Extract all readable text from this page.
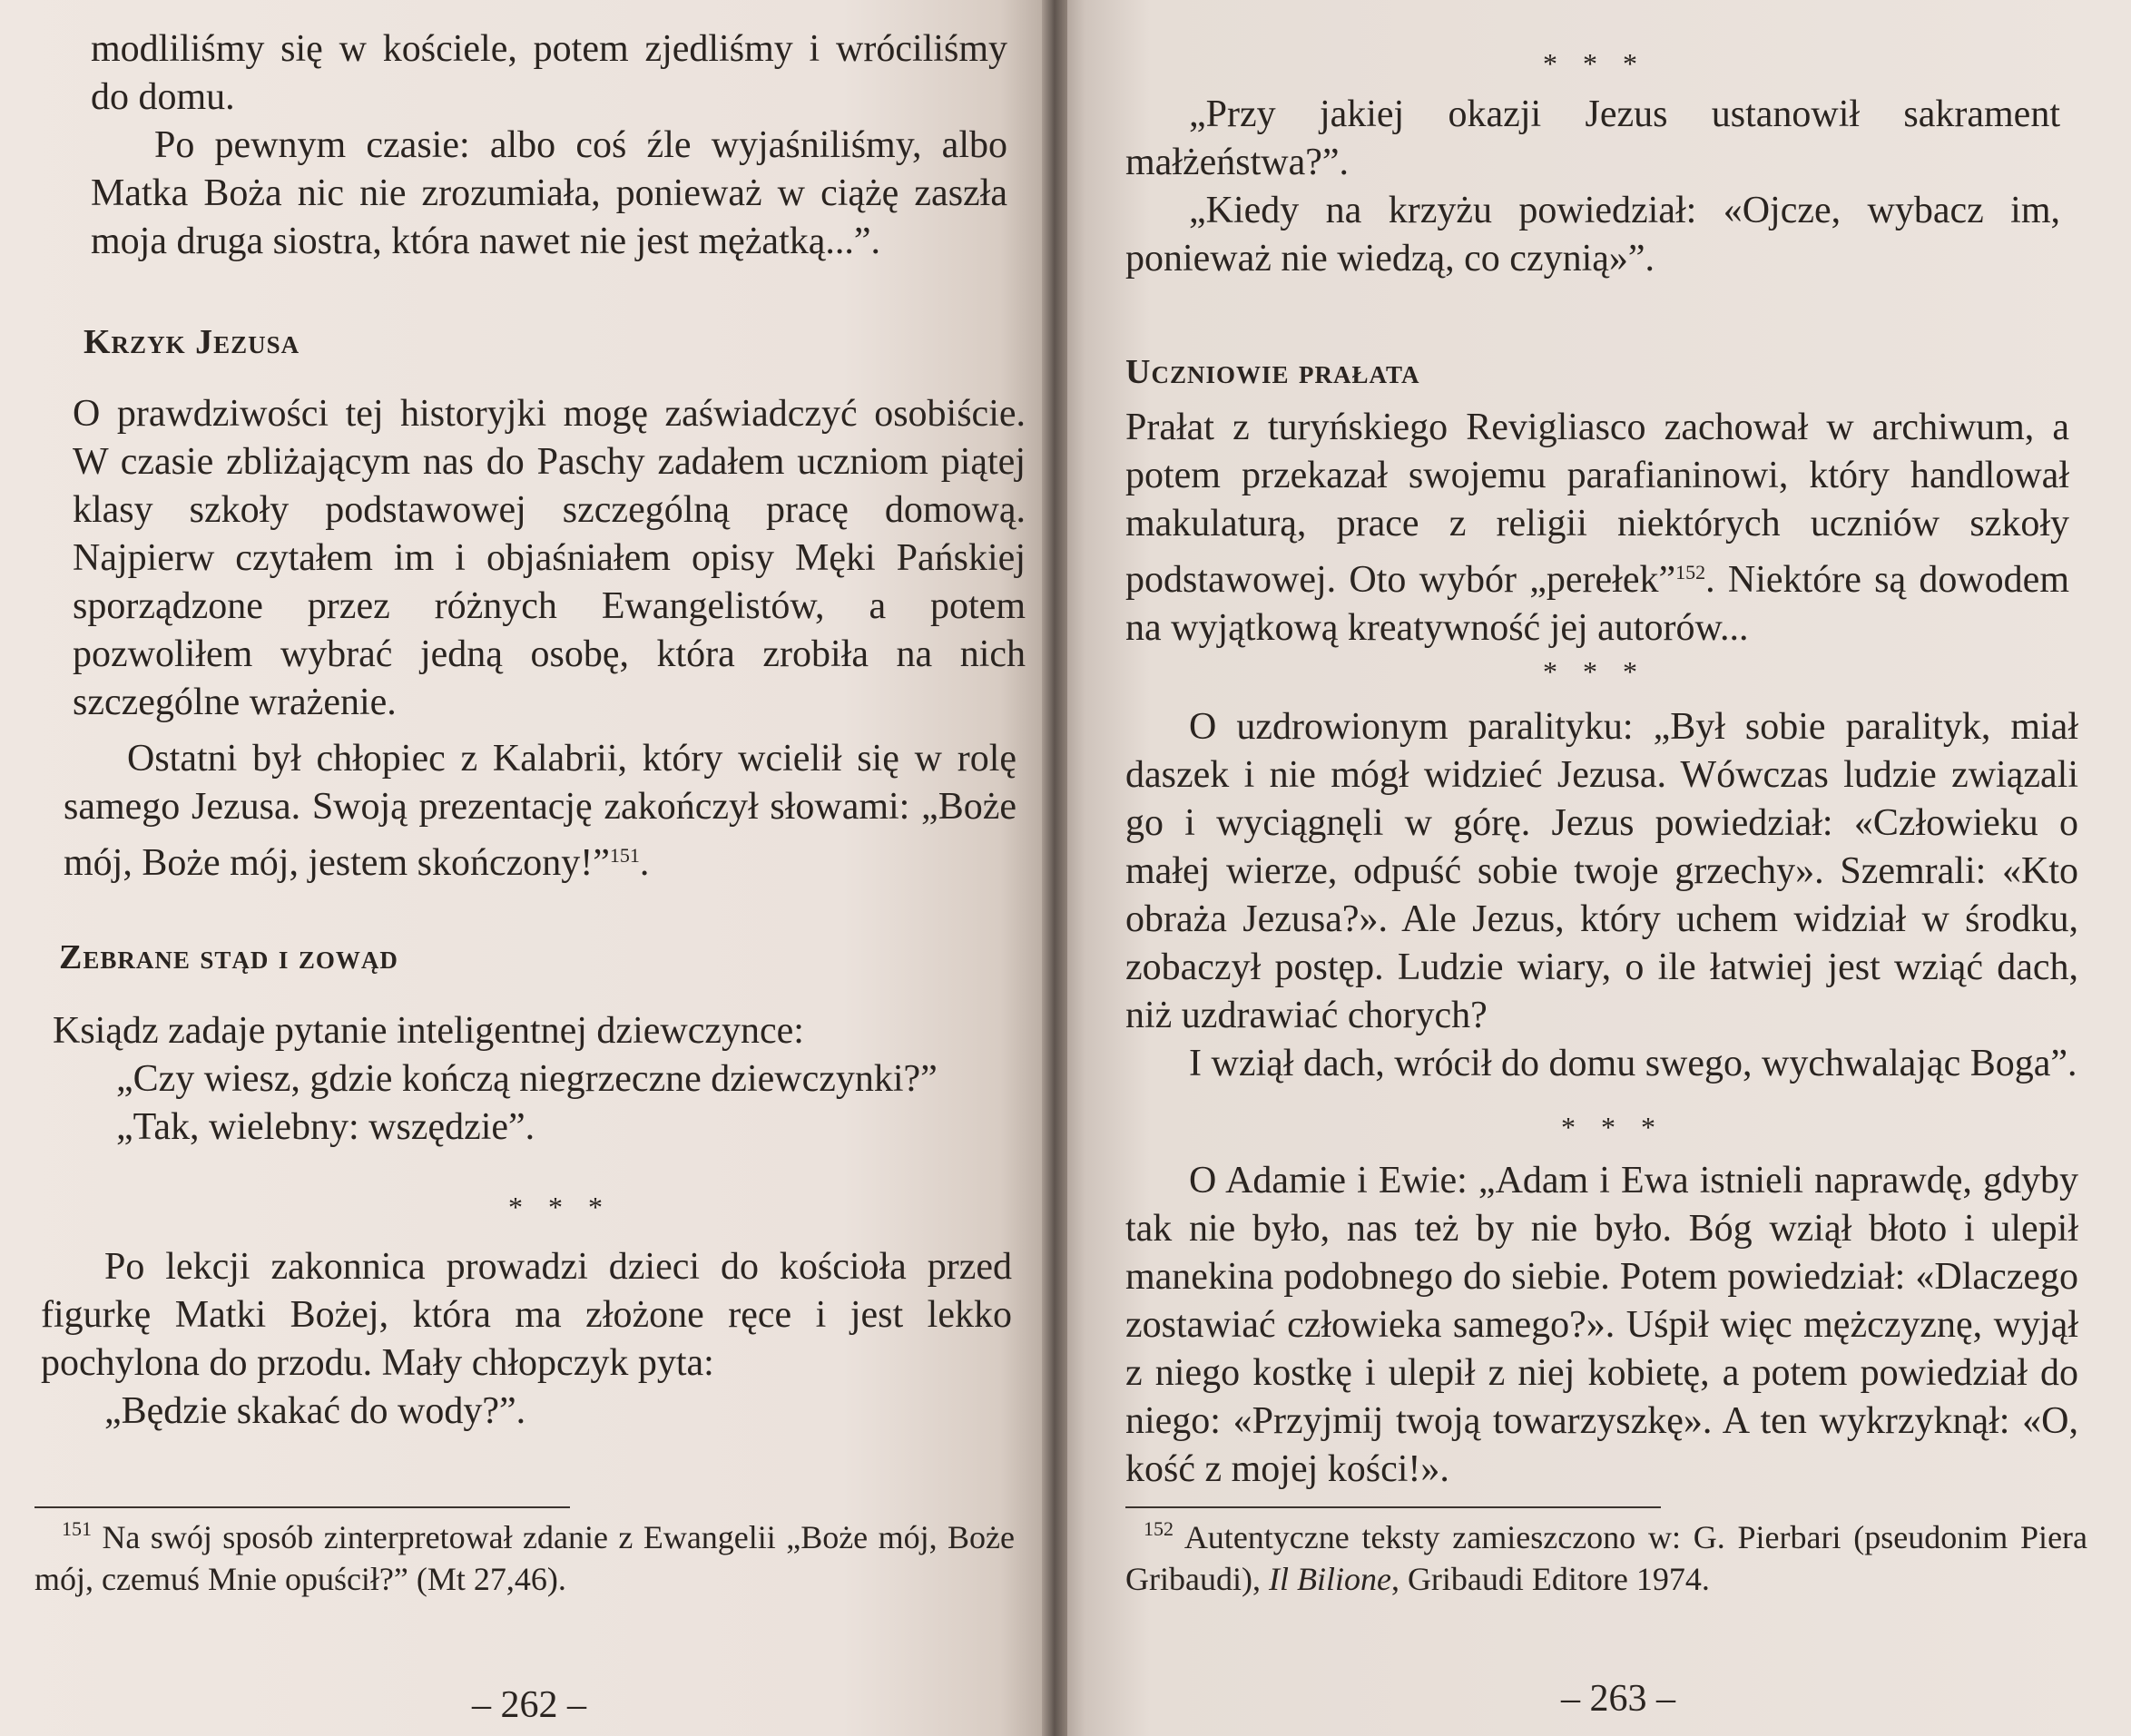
modliliśmy się w kościele, potem zjedliśmy i wróciliśmy do domu.

Po pewnym czasie: albo coś źle wyjaśniliśmy, albo Matka Boża nic nie zrozumiała, ponieważ w ciążę zaszła moja druga siostra, która nawet nie jest mężatką...”.

Krzyk Jezusa

O prawdziwości tej historyjki mogę zaświadczyć osobiście. W czasie zbliżającym nas do Paschy zadałem uczniom piątej klasy szkoły podstawowej szczególną pracę domową. Najpierw czytałem im i objaśniałem opisy Męki Pańskiej sporządzone przez różnych Ewangelistów, a potem pozwoliłem wybrać jedną osobę, która zrobiła na nich szczególne wrażenie.

Ostatni był chłopiec z Kalabrii, który wcielił się w rolę samego Jezusa. Swoją prezentację zakończył słowami: „Boże mój, Boże mój, jestem skończony!”$^{151}$.

Zebrane stąd i zowąd

Ksiądz zadaje pytanie inteligentnej dziewczynce:

„Czy wiesz, gdzie kończą niegrzeczne dziewczynki?”

„Tak, wielebny: wszędzie”.

* * *

Po lekcji zakonnica prowadzi dzieci do kościoła przed figurkę Matki Bożej, która ma złożone ręce i jest lekko pochylona do przodu. Mały chłopczyk pyta:

„Będzie skakać do wody?”.

$^{151}$ Na swój sposób zinterpretował zdanie z Ewangelii „Boże mój, Boże mój, czemuś Mnie opuścił?” (Mt 27,46).

– 262 –
* * *

„Przy jakiej okazji Jezus ustanowił sakrament małżeństwa?”.

„Kiedy na krzyżu powiedział: «Ojcze, wybacz im, ponieważ nie wiedzą, co czynią»”.

Uczniowie prałata

Prałat z turyńskiego Revigliasco zachował w archiwum, a potem przekazał swojemu parafianinowi, który handlował makulaturą, prace z religii niektórych uczniów szkoły podstawowej. Oto wybór „perełek”$^{152}$. Niektóre są dowodem na wyjątkową kreatywność jej autorów...

* * *

O uzdrowionym paralityku: „Był sobie paralityk, miał daszek i nie mógł widzieć Jezusa. Wówczas ludzie związali go i wyciągnęli w górę. Jezus powiedział: «Człowieku o małej wierze, odpuść sobie twoje grzechy». Szemrali: «Kto obraża Jezusa?». Ale Jezus, który uchem widział w środku, zobaczył postęp. Ludzie wiary, o ile łatwiej jest wziąć dach, niż uzdrawiać chorych?

I wziął dach, wrócił do domu swego, wychwalając Boga”.

* * *

O Adamie i Ewie: „Adam i Ewa istnieli naprawdę, gdyby tak nie było, nas też by nie było. Bóg wziął błoto i ulepił manekina podobnego do siebie. Potem powiedział: «Dlaczego zostawiać człowieka samego?». Uśpił więc mężczyznę, wyjął z niego kostkę i ulepił z niej kobietę, a potem powiedział do niego: «Przyjmij twoją towarzyszkę». A ten wykrzyknął: «O, kość z mojej kości!».

$^{152}$ Autentyczne teksty zamieszczono w: G. Pierbari (pseudonim Piera Gribaudi), Il Bilione, Gribaudi Editore 1974.

– 263 –
